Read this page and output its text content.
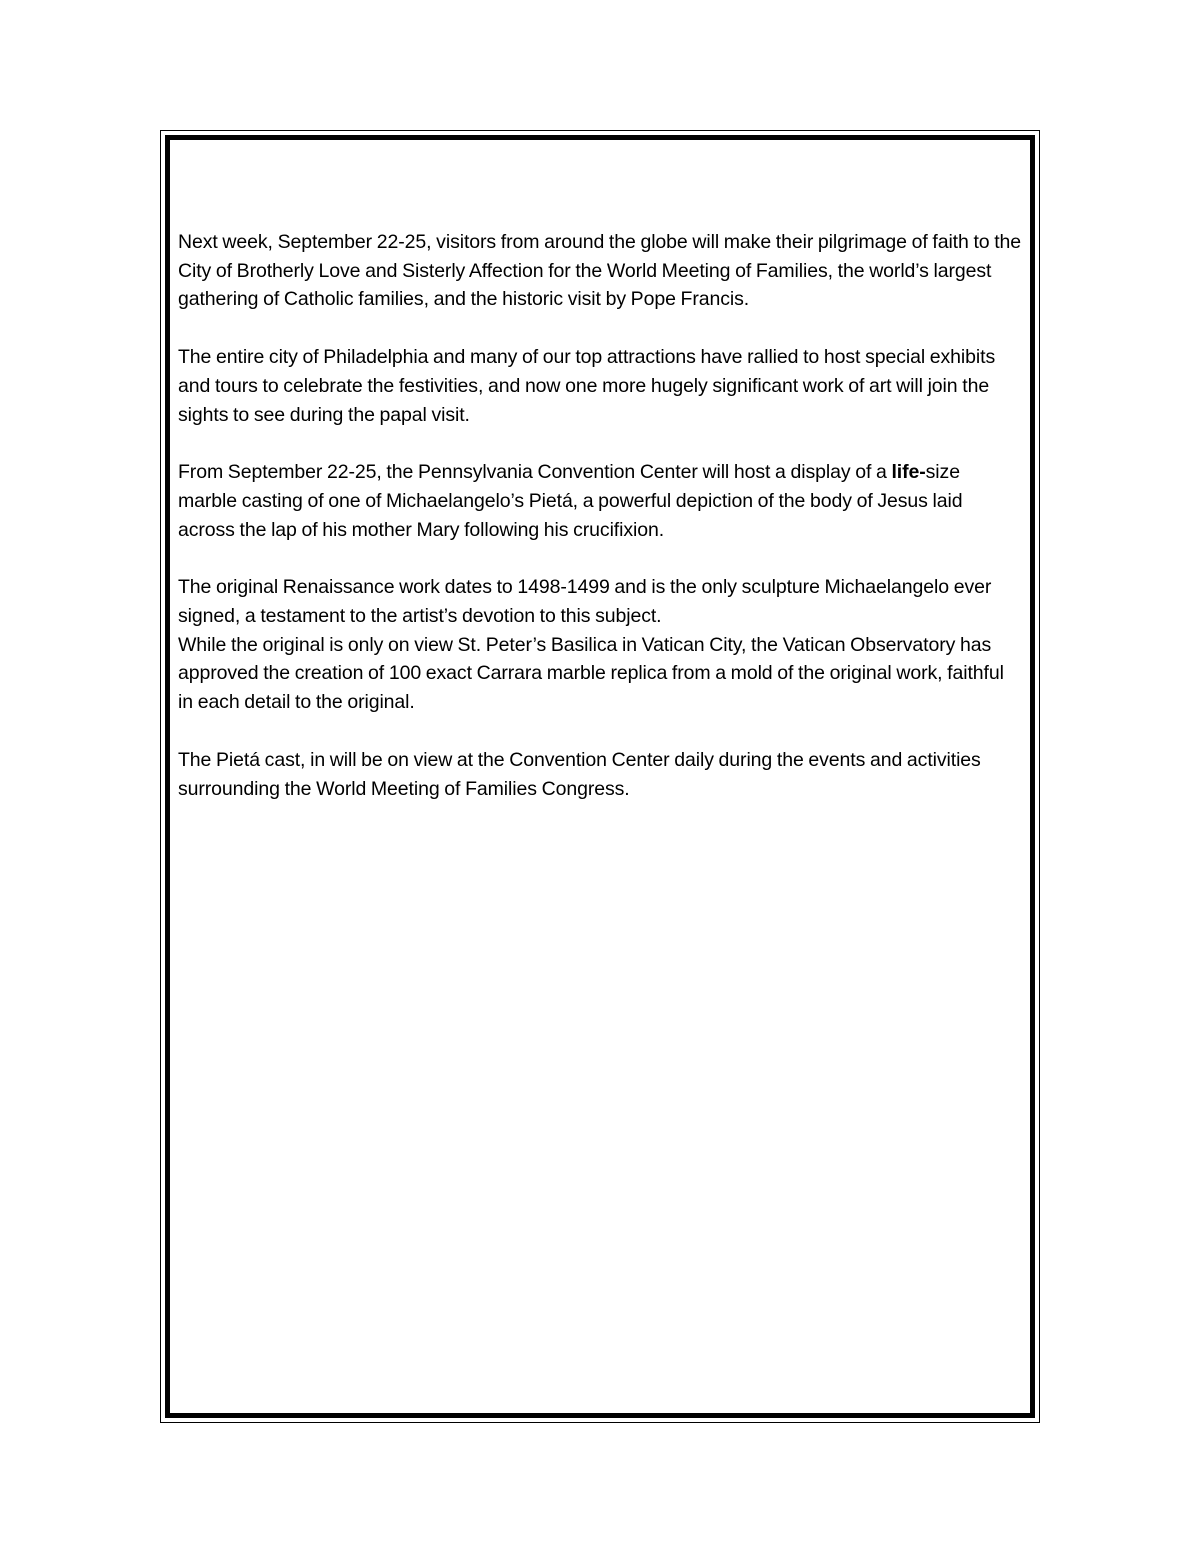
Next week, September 22-25, visitors from around the globe will make their pilgrimage of faith to the City of Brotherly Love and Sisterly Affection for the World Meeting of Families, the world’s largest gathering of Catholic families, and the historic visit by Pope Francis.

The entire city of Philadelphia and many of our top attractions have rallied to host special exhibits and tours to celebrate the festivities, and now one more hugely significant work of art will join the sights to see during the papal visit.

From September 22-25, the Pennsylvania Convention Center will host a display of a life-size marble casting of one of Michaelangelo’s Pietá, a powerful depiction of the body of Jesus laid across the lap of his mother Mary following his crucifixion.

The original Renaissance work dates to 1498-1499 and is the only sculpture Michaelangelo ever signed, a testament to the artist’s devotion to this subject.
While the original is only on view St. Peter’s Basilica in Vatican City, the Vatican Observatory has approved the creation of 100 exact Carrara marble replica from a mold of the original work, faithful in each detail to the original.

The Pietá cast, in will be on view at the Convention Center daily during the events and activities surrounding the World Meeting of Families Congress.
